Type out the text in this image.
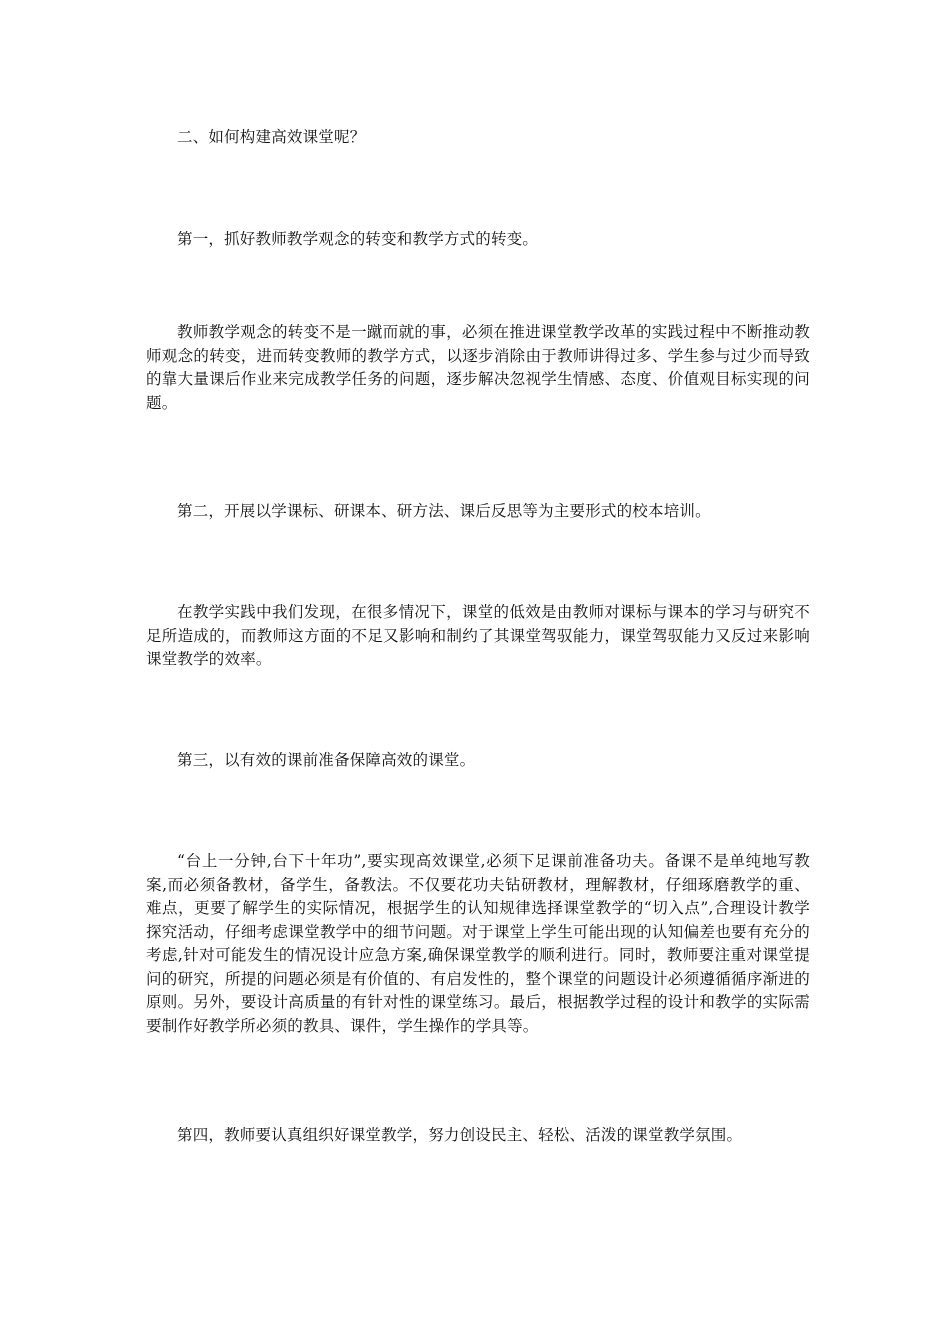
二、如何构建高效课堂呢？

第一，抓好教师教学观念的转变和教学方式的转变。

教师教学观念的转变不是一蹴而就的事，必须在推进课堂教学改革的实践过程中不断推动教师观念的转变，进而转变教师的教学方式，以逐步消除由于教师讲得过多、学生参与过少而导致的靠大量课后作业来完成教学任务的问题，逐步解决忽视学生情感、态度、价值观目标实现的问题。

第二，开展以学课标、研课本、研方法、课后反思等为主要形式的校本培训。

在教学实践中我们发现，在很多情况下，课堂的低效是由教师对课标与课本的学习与研究不足所造成的，而教师这方面的不足又影响和制约了其课堂驾驭能力，课堂驾驭能力又反过来影响课堂教学的效率。

第三，以有效的课前准备保障高效的课堂。

“台上一分钟,台下十年功”,要实现高效课堂,必须下足课前准备功夫。备课不是单纯地写教案,而必须备教材，备学生，备教法。不仅要花功夫钻研教材，理解教材，仔细琢磨教学的重、难点，更要了解学生的实际情况，根据学生的认知规律选择课堂教学的“切入点”,合理设计教学探究活动，仔细考虑课堂教学中的细节问题。对于课堂上学生可能出现的认知偏差也要有充分的考虑,针对可能发生的情况设计应急方案,确保课堂教学的顺利进行。同时，教师要注重对课堂提问的研究，所提的问题必须是有价值的、有启发性的，整个课堂的问题设计必须遵循循序渐进的原则。另外，要设计高质量的有针对性的课堂练习。最后，根据教学过程的设计和教学的实际需要制作好教学所必须的教具、课件，学生操作的学具等。

第四，教师要认真组织好课堂教学，努力创设民主、轻松、活泼的课堂教学氛围。
